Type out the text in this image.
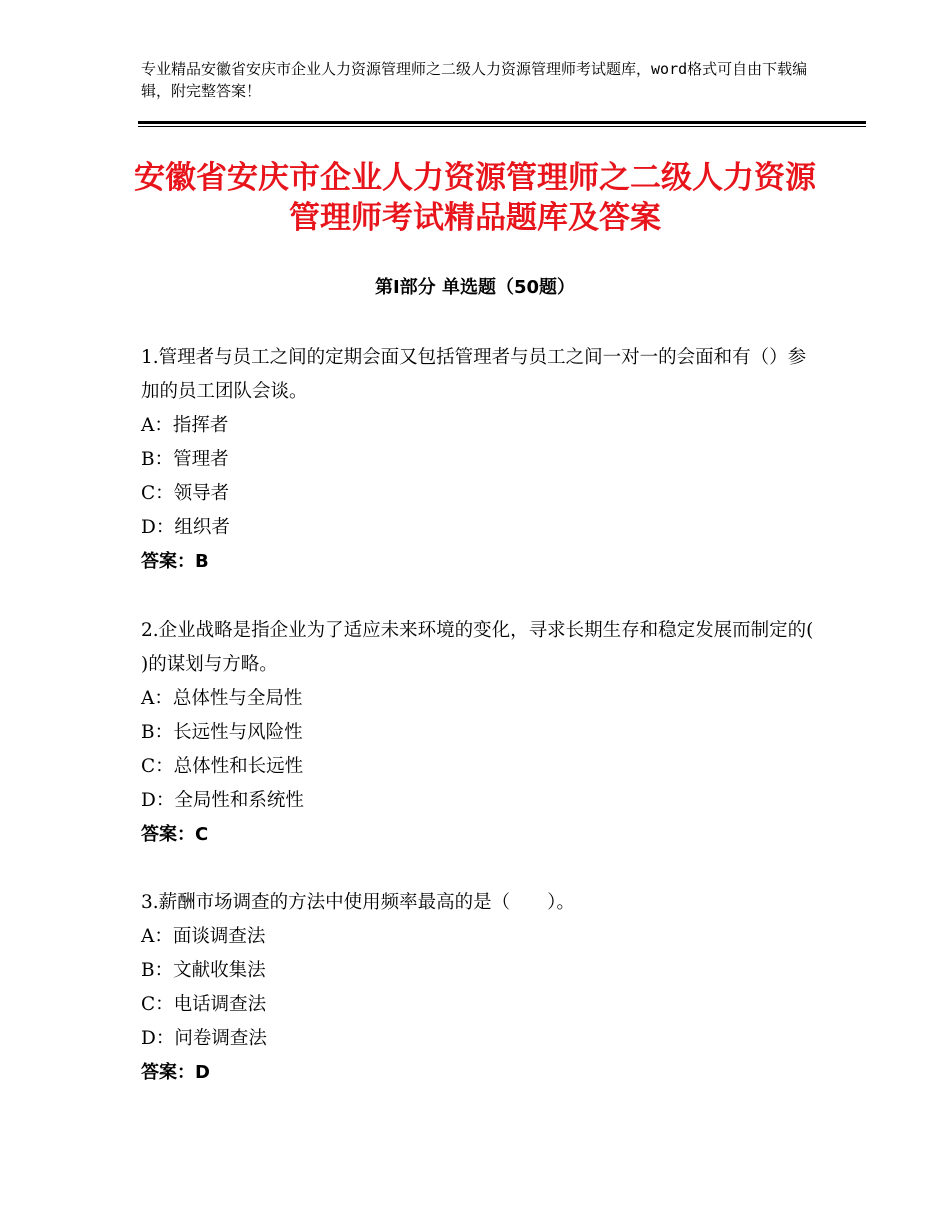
专业精品安徽省安庆市企业人力资源管理师之二级人力资源管理师考试题库，word格式可自由下载编辑，附完整答案！
安徽省安庆市企业人力资源管理师之二级人力资源管理师考试精品题库及答案
第Ⅰ部分 单选题（50题）

1.管理者与员工之间的定期会面又包括管理者与员工之间一对一的会面和有（）参加的员工团队会谈。

A：指挥者
B：管理者
C：领导者
D：组织者
答案：B

2.企业战略是指企业为了适应未来环境的变化，寻求长期生存和稳定发展而制定的( )的谋划与方略。

A：总体性与全局性
B：长远性与风险性
C：总体性和长远性
D：全局性和系统性
答案：C

3.薪酬市场调查的方法中使用频率最高的是（　　）。

A：面谈调查法
B：文献收集法
C：电话调查法
D：问卷调查法
答案：D
